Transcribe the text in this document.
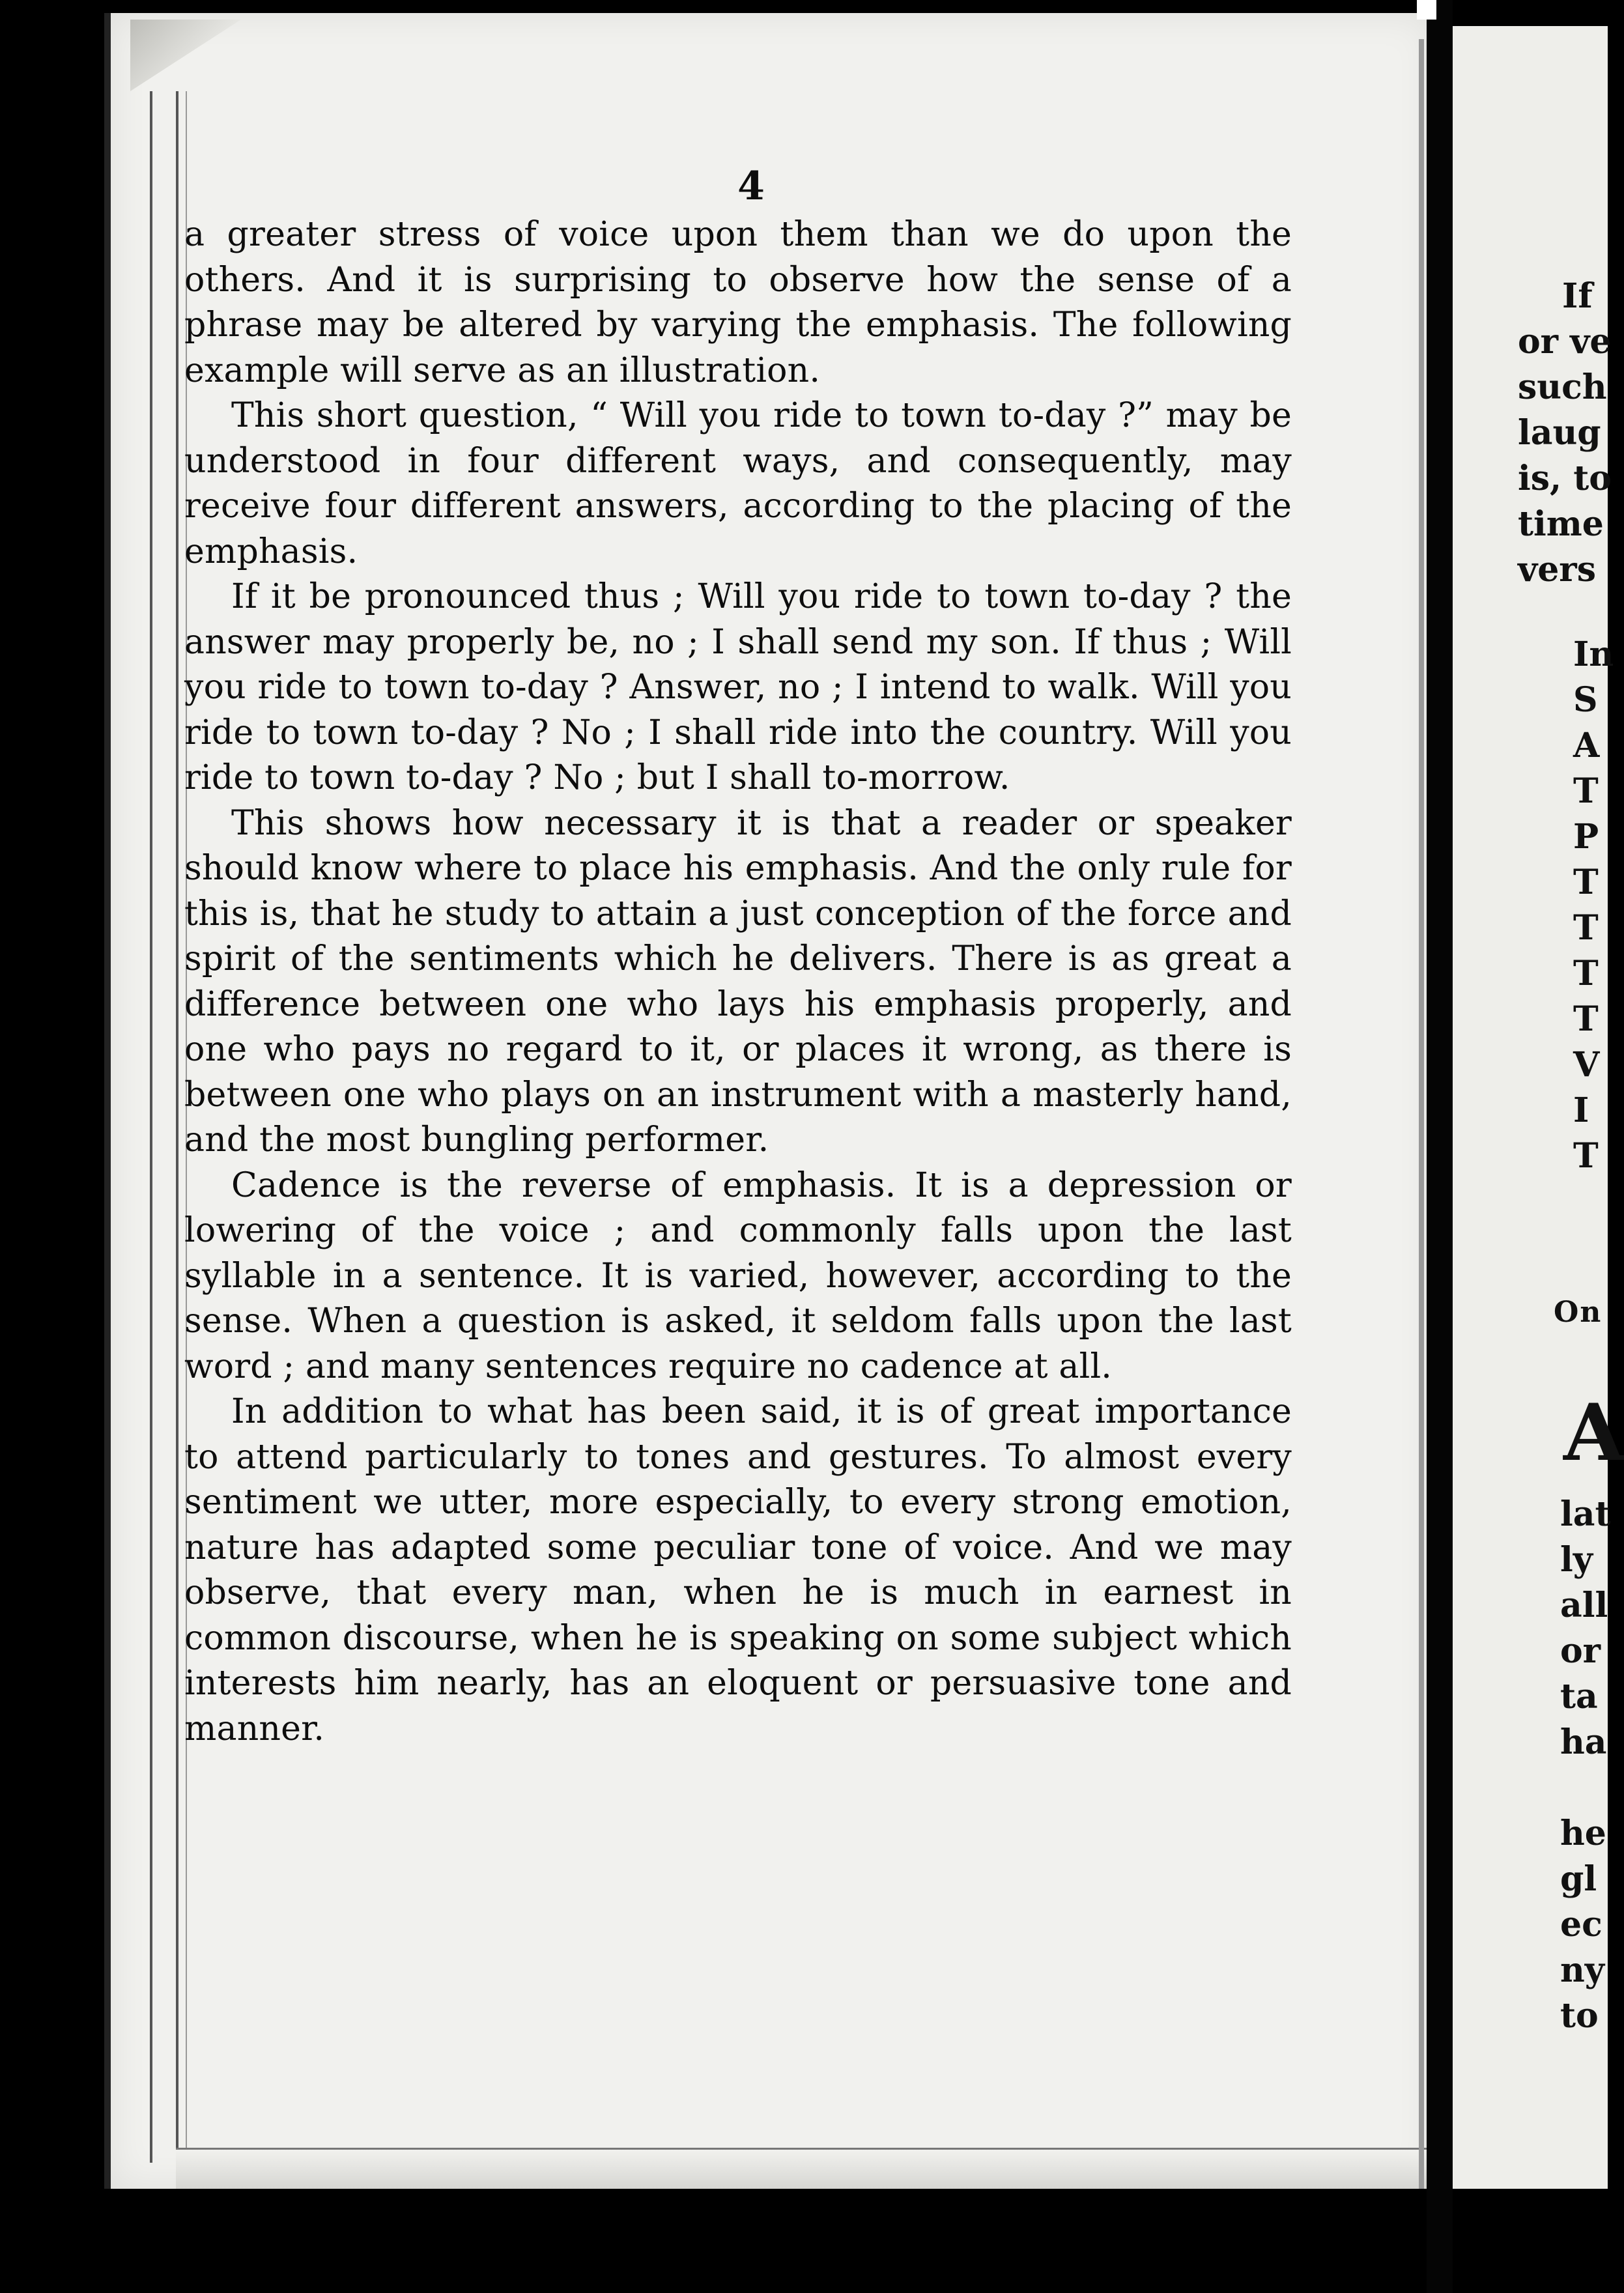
4

a greater stress of voice upon them than we do upon the others. And it is surprising to observe how the sense of a phrase may be altered by varying the emphasis. The following example will serve as an illustration.

This short question, “ Will you ride to town to-day ?” may be understood in four different ways, and consequently, may receive four different answers, according to the placing of the emphasis.

If it be pronounced thus ; Will you ride to town to-day ? the answer may properly be, no ; I shall send my son. If thus ; Will you ride to town to-day ? Answer, no ; I intend to walk. Will you ride to town to-day ? No ; I shall ride into the country. Will you ride to town to-day ? No ; but I shall to-morrow.

This shows how necessary it is that a reader or speaker should know where to place his emphasis. And the only rule for this is, that he study to attain a just conception of the force and spirit of the sentiments which he delivers. There is as great a difference between one who lays his emphasis properly, and one who pays no regard to it, or places it wrong, as there is between one who plays on an instrument with a masterly hand, and the most bungling performer.

Cadence is the reverse of emphasis. It is a depression or lowering of the voice ; and commonly falls upon the last syllable in a sentence. It is varied, however, according to the sense. When a question is asked, it seldom falls upon the last word ; and many sentences require no cadence at all.

In addition to what has been said, it is of great importance to attend particularly to tones and gestures. To almost every sentiment we utter, more especially, to every strong emotion, nature has adapted some peculiar tone of voice. And we may observe, that every man, when he is much in earnest in common discourse, when he is speaking on some subject which interests him nearly, has an eloquent or persuasive tone and manner.

If
or ve
such
laug
is, to
time
vers
In
S
A
T
P
T
T
T
T
V
I
T
On
A
lat
ly
all
or
ta
ha
he
gl
ec
ny
to
